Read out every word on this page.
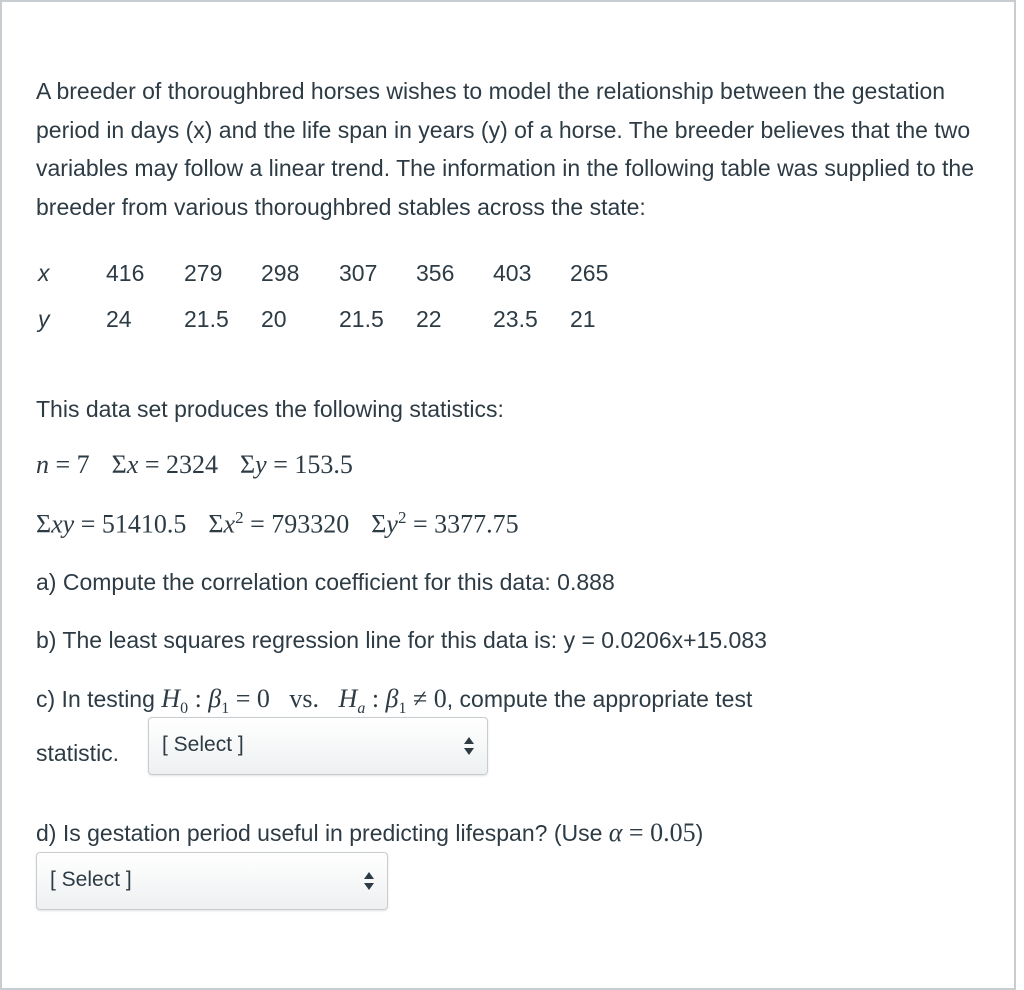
A breeder of thoroughbred horses wishes to model the relationship between the gestation period in days (x) and the life span in years (y) of a horse. The breeder believes that the two variables may follow a linear trend. The information in the following table was supplied to the breeder from various thoroughbred stables across the state:

x	416	279	298	307	356	403	265
y	24	21.5	20	21.5	22	23.5	21
This data set produces the following statistics:
n = 7 Σx = 2324 Σy = 153.5
Σxy = 51410.5 $\Sigma x^2 = 793320$ $\Sigma y^2 = 3377.75$
a) Compute the correlation coefficient for this data: 0.888
b) The least squares regression line for this data is: y = 0.0206x+15.083
c) In testing $H_0$ : $\beta_1 = 0$   vs.   $H_a$ : $\beta_1 \ne 0$, compute the appropriate test
statistic. [ Select ]
d) Is gestation period useful in predicting lifespan? (Use α = 0.05)
[ Select ]
